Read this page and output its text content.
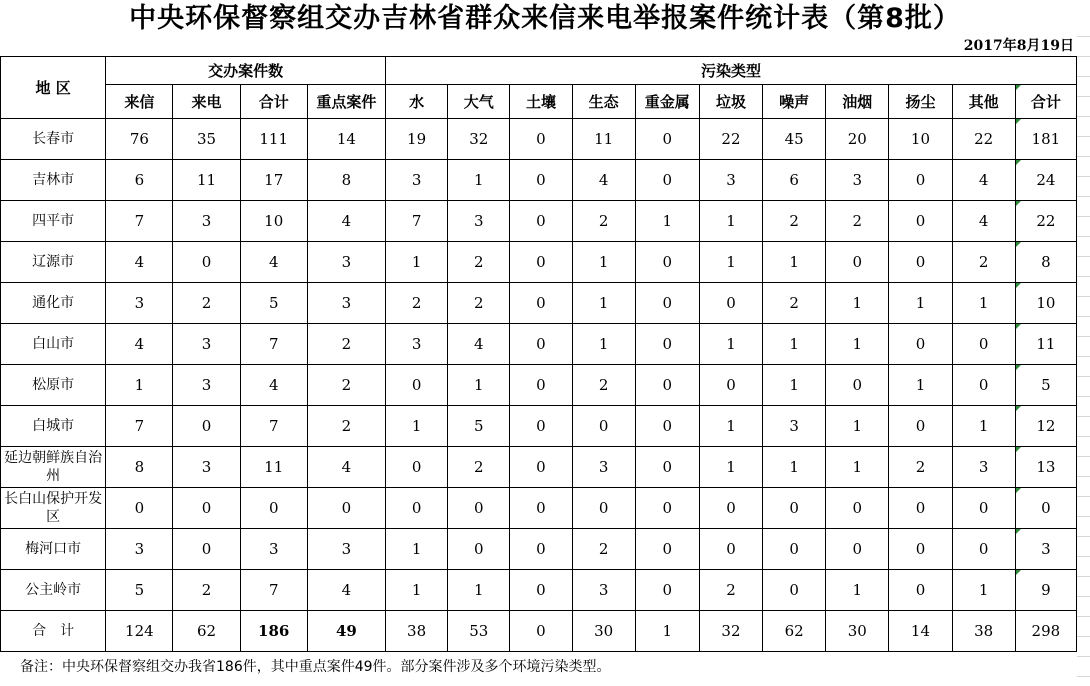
中央环保督察组交办吉林省群众来信来电举报案件统计表（第8批）
2017年8月19日
地 区	交办案件数				污染类型										
	来信	来电	合计	重点案件	水	大气	土壤	生态	重金属	垃圾	噪声	油烟	扬尘	其他	合计
长春市	76	35	111	14	19	32	0	11	0	22	45	20	10	22	181
吉林市	6	11	17	8	3	1	0	4	0	3	6	3	0	4	24
四平市	7	3	10	4	7	3	0	2	1	1	2	2	0	4	22
辽源市	4	0	4	3	1	2	0	1	0	1	1	0	0	2	8
通化市	3	2	5	3	2	2	0	1	0	0	2	1	1	1	10
白山市	4	3	7	2	3	4	0	1	0	1	1	1	0	0	11
松原市	1	3	4	2	0	1	0	2	0	0	1	0	1	0	5
白城市	7	0	7	2	1	5	0	0	0	1	3	1	0	1	12
延边朝鲜族自治州	8	3	11	4	0	2	0	3	0	1	1	1	2	3	13
长白山保护开发区	0	0	0	0	0	0	0	0	0	0	0	0	0	0	0
梅河口市	3	0	3	3	1	0	0	2	0	0	0	0	0	0	3
公主岭市	5	2	7	4	1	1	0	3	0	2	0	1	0	1	9
合　计	124	62	186	49	38	53	0	30	1	32	62	30	14	38	298
备注：中央环保督察组交办我省186件，其中重点案件49件。部分案件涉及多个环境污染类型。
